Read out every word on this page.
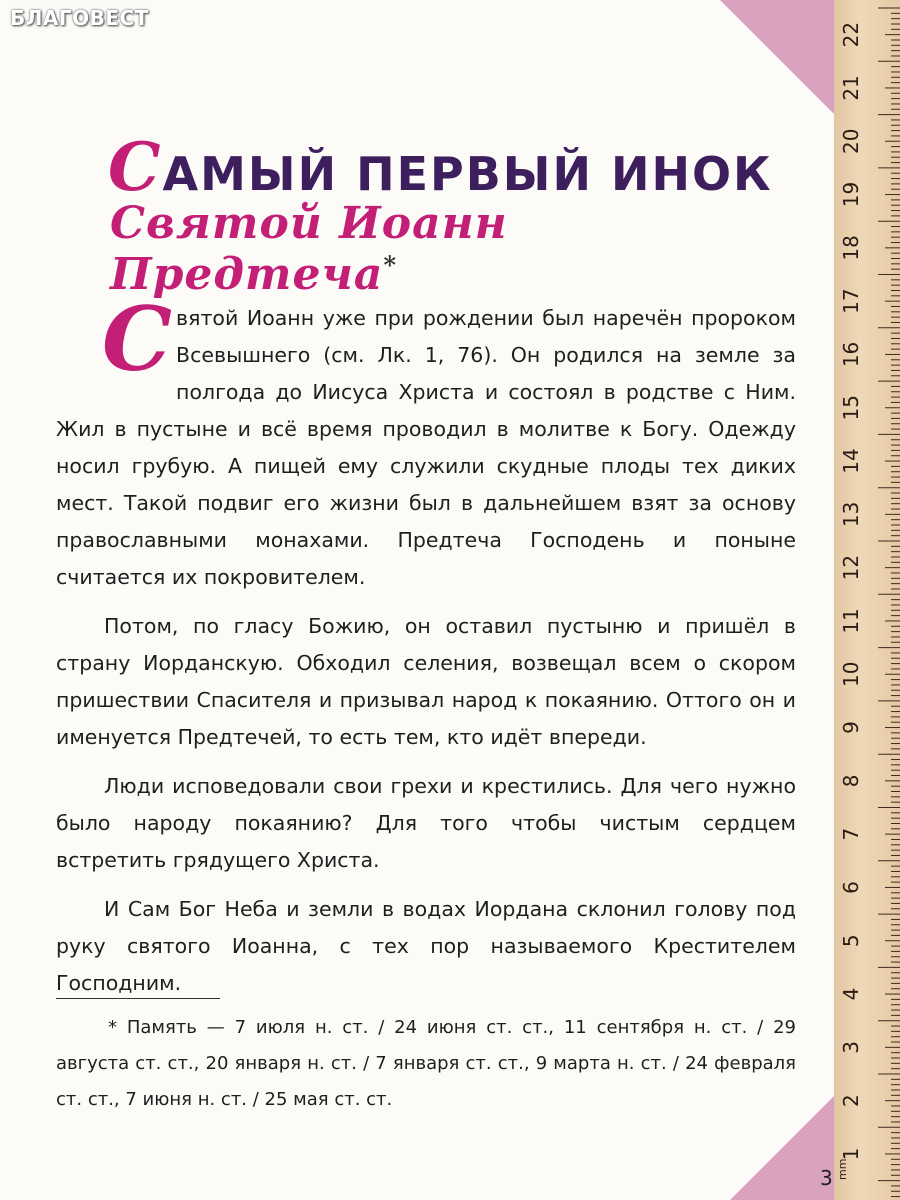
БЛАГОВЕСТ
САМЫЙ ПЕРВЫЙ ИНОК
Святой Иоанн Предтеча*

Святой Иоанн уже при рождении был наречён пророком Всевышнего (см. Лк. 1, 76). Он родился на земле за полгода до Иисуса Христа и состоял в родстве с Ним. Жил в пустыне и всё время проводил в молитве к Богу. Одежду носил грубую. А пищей ему служили скудные плоды тех диких мест. Такой подвиг его жизни был в дальнейшем взят за основу православными монахами. Предтеча Господень и поныне считается их покровителем.

Потом, по гласу Божию, он оставил пустыню и пришёл в страну Иорданскую. Обходил селения, возвещал всем о скором пришествии Спасителя и призывал народ к покаянию. Оттого он и именуется Предтечей, то есть тем, кто идёт впереди.

Люди исповедовали свои грехи и крестились. Для чего нужно было народу покаянию? Для того чтобы чистым сердцем встретить грядущего Христа.

И Сам Бог Неба и земли в водах Иордана склонил голову под руку святого Иоанна, с тех пор называемого Крестителем Господним.

* Память — 7 июля н. ст. / 24 июня ст. ст., 11 сентября н. ст. / 29 августа ст. ст., 20 января н. ст. / 7 января ст. ст., 9 марта н. ст. / 24 февраля ст. ст., 7 июня н. ст. / 25 мая ст. ст.

3
22
21
20
19
18
17
16
15
14
13
12
11
10
9
8
7
6
5
4
3
2
1
mm
